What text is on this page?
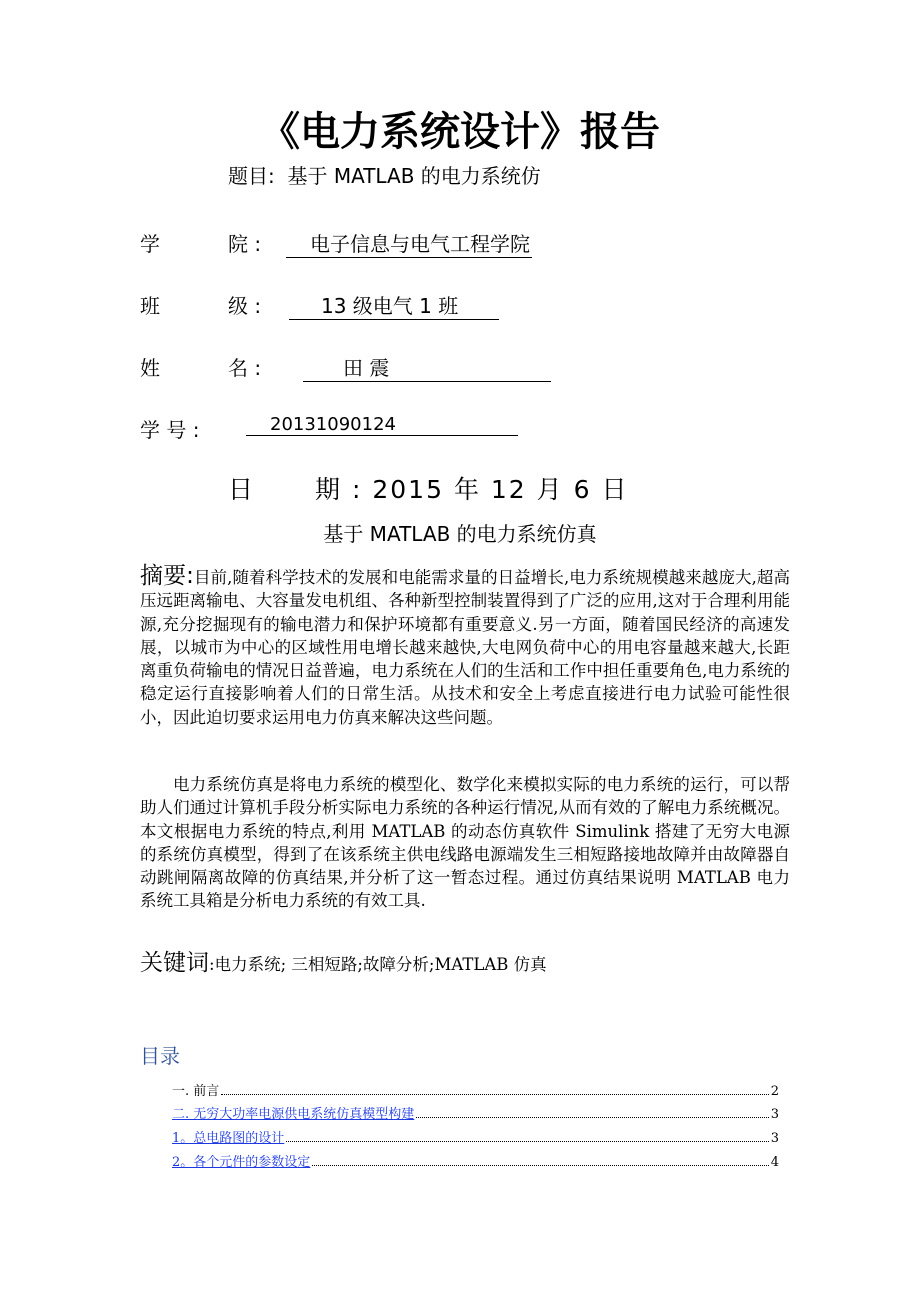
《电力系统设计》报告
题目: 基于 MATLAB 的电力系统仿
学	院 :	电子信息与电气工程学院
班	级 :	13 级电气 1 班
姓	名 :	田 震
学 号 :	20131090124
日 期 : 2015 年 12 月 6 日
基于 MATLAB 的电力系统仿真
摘要:目前,随着科学技术的发展和电能需求量的日益增长,电力系统规模越来越庞大,超高压远距离输电、大容量发电机组、各种新型控制装置得到了广泛的应用,这对于合理利用能源,充分挖掘现有的输电潜力和保护环境都有重要意义.另一方面，随着国民经济的高速发展，以城市为中心的区域性用电增长越来越快,大电网负荷中心的用电容量越来越大,长距离重负荷输电的情况日益普遍，电力系统在人们的生活和工作中担任重要角色,电力系统的稳定运行直接影响着人们的日常生活。从技术和安全上考虑直接进行电力试验可能性很小，因此迫切要求运用电力仿真来解决这些问题。
电力系统仿真是将电力系统的模型化、数学化来模拟实际的电力系统的运行，可以帮助人们通过计算机手段分析实际电力系统的各种运行情况,从而有效的了解电力系统概况。本文根据电力系统的特点,利用 MATLAB 的动态仿真软件 Simulink 搭建了无穷大电源的系统仿真模型，得到了在该系统主供电线路电源端发生三相短路接地故障并由故障器自动跳闸隔离故障的仿真结果,并分析了这一暂态过程。通过仿真结果说明 MATLAB 电力系统工具箱是分析电力系统的有效工具.
关键词:电力系统; 三相短路;故障分析;MATLAB 仿真
目录
一. 前言	2
二. 无穷大功率电源供电系统仿真模型构建	3
1。总电路图的设计	3
2。各个元件的参数设定	4
